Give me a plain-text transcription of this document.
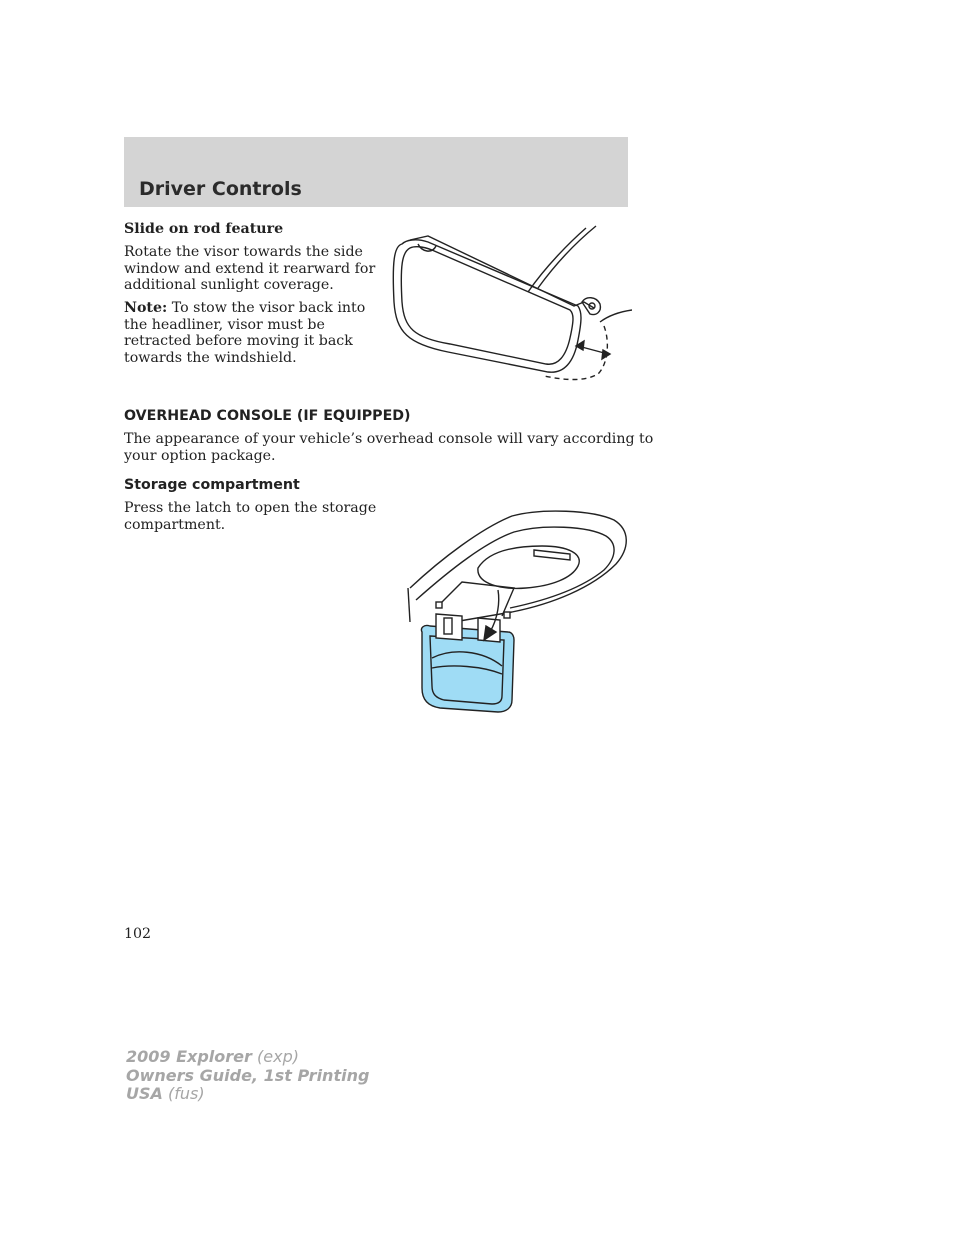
Driver Controls
Slide on rod feature
Rotate the visor towards the side
window and extend it rearward for
additional sunlight coverage.
Note: To stow the visor back into
the headliner, visor must be
retracted before moving it back
towards the windshield.
OVERHEAD CONSOLE (IF EQUIPPED)
The appearance of your vehicle’s overhead console will vary according to
your option package.
Storage compartment
Press the latch to open the storage
compartment.
102
2009 Explorer (exp)
Owners Guide, 1st Printing
USA (fus)
